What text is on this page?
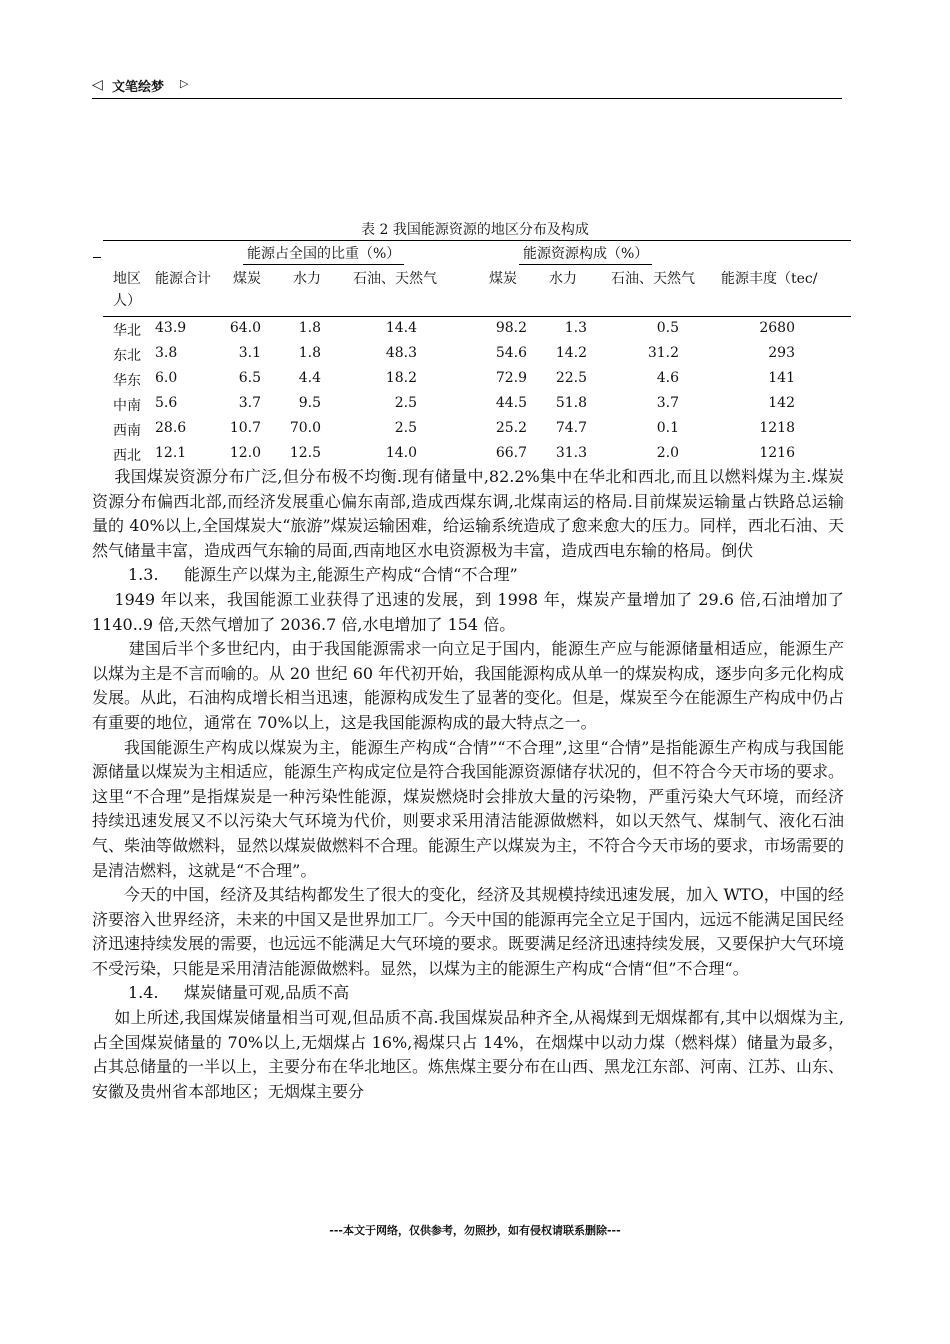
◁ 文笔绘梦 ▷
表 2 我国能源资源的地区分布及构成
能源占全国的比重（%）	能源资源构成（%）
地区 能源合计 煤炭 水力 石油、天然气	煤炭 水力 石油、天然气 能源丰度（tec/
人）
华北 43.9	64.0	1.8	14.4	98.2	1.3	0.5	2680
东北 3.8	3.1	1.8	48.3	54.6	14.2	31.2	293
华东 6.0	6.5	4.4	18.2	72.9	22.5	4.6	141
中南 5.6	3.7	9.5	2.5	44.5	51.8	3.7	142
西南 28.6	10.7	70.0	2.5	25.2	74.7	0.1	1218
西北 12.1	12.0	12.5	14.0	66.7	31.3	2.0	1216

我国煤炭资源分布广泛,但分布极不均衡.现有储量中,82.2%集中在华北和西北,而且以燃料煤为主.煤炭资源分布偏西北部,而经济发展重心偏东南部,造成西煤东调,北煤南运的格局.目前煤炭运输量占铁路总运输量的 40%以上,全国煤炭大“旅游”煤炭运输困难，给运输系统造成了愈来愈大的压力。同样，西北石油、天然气储量丰富，造成西气东输的局面,西南地区水电资源极为丰富，造成西电东输的格局。倒伏

1.3. 能源生产以煤为主,能源生产构成“合情“不合理”

1949 年以来，我国能源工业获得了迅速的发展，到 1998 年，煤炭产量增加了 29.6 倍,石油增加了 1140..9 倍,天然气增加了 2036.7 倍,水电增加了 154 倍。

建国后半个多世纪内，由于我国能源需求一向立足于国内，能源生产应与能源储量相适应，能源生产以煤为主是不言而喻的。从 20 世纪 60 年代初开始，我国能源构成从单一的煤炭构成，逐步向多元化构成发展。从此，石油构成增长相当迅速，能源构成发生了显著的变化。但是，煤炭至今在能源生产构成中仍占有重要的地位，通常在 70%以上，这是我国能源构成的最大特点之一。

我国能源生产构成以煤炭为主，能源生产构成“合情”“不合理”,这里“合情”是指能源生产构成与我国能源储量以煤炭为主相适应，能源生产构成定位是符合我国能源资源储存状况的，但不符合今天市场的要求。这里“不合理”是指煤炭是一种污染性能源，煤炭燃烧时会排放大量的污染物，严重污染大气环境，而经济持续迅速发展又不以污染大气环境为代价，则要求采用清洁能源做燃料，如以天然气、煤制气、液化石油气、柴油等做燃料，显然以煤炭做燃料不合理。能源生产以煤炭为主，不符合今天市场的要求，市场需要的是清洁燃料，这就是“不合理”。

今天的中国，经济及其结构都发生了很大的变化，经济及其规模持续迅速发展，加入 WTO，中国的经济要溶入世界经济，未来的中国又是世界加工厂。今天中国的能源再完全立足于国内，远远不能满足国民经济迅速持续发展的需要，也远远不能满足大气环境的要求。既要满足经济迅速持续发展，又要保护大气环境不受污染，只能是采用清洁能源做燃料。显然，以煤为主的能源生产构成“合情“但”不合理“。

1.4. 煤炭储量可观,品质不高

如上所述,我国煤炭储量相当可观,但品质不高.我国煤炭品种齐全,从褐煤到无烟煤都有,其中以烟煤为主,占全国煤炭储量的 70%以上,无烟煤占 16%,褐煤只占 14%，在烟煤中以动力煤（燃料煤）储量为最多，占其总储量的一半以上，主要分布在华北地区。炼焦煤主要分布在山西、黑龙江东部、河南、江苏、山东、安徽及贵州省本部地区；无烟煤主要分

---本文于网络，仅供参考，勿照抄，如有侵权请联系删除---
